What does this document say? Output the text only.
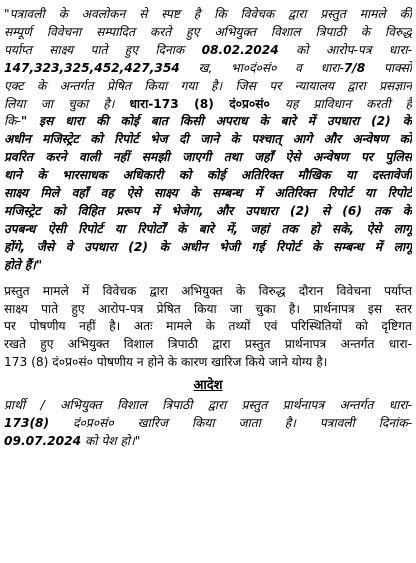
"पत्रावली के अवलोकन से स्पष्ट है कि विवेचक द्वारा प्रस्तुत मामले की
सम्पूर्ण विवेचना सम्पादित करते हुए अभियुक्त विशाल त्रिपाठी के विरुद्ध
पर्याप्त साक्ष्य पाते हुए दिनाक 08.02.2024 को आरोप-पत्र धारा-
147,323,325,452,427,354 ख, भा०दं०सं० व धारा-7/8 पाक्सो
एक्ट के अन्तर्गत प्रेषित किया गया है। जिस पर न्यायालय द्वारा प्रसज्ञान
लिया जा चुका है। धारा-173 (8) दं०प्र०सं० यह प्राविधान करती है
कि-" इस धारा की कोई बात किसी अपराध के बारे में उपधारा (2) के
अधीन मजिस्ट्रेट को रिपोर्ट भेज दी जाने के पश्चात् आगे और अन्वेषण को
प्रवरित करने वाली नहीं समझी जाएगी तथा जहाँ ऐसे अन्वेषण पर पुलिस
थाने के भारसाधक अधिकारी को कोई अतिरिक्त मौखिक या दस्तावेजी
साक्ष्य मिले वहाँ वह ऐसे साक्ष्य के सम्बन्ध में अतिरिक्त रिपोर्ट या रिपोर्ट
मजिस्ट्रेट को विहित प्ररूप में भेजेगा, और उपधारा (2) से (6) तक के
उपबन्ध ऐसी रिपोर्ट या रिपोर्टों के बारे में, जहां तक हो सके, ऐसे लागू
होंगे, जैसे वे उपधारा (2) के अधीन भेजी गई रिपोर्ट के सम्बन्ध में लागू
होते हैं।"
प्रस्तुत मामले में विवेचक द्वारा अभियुक्त के विरुद्ध दौरान विवेचना पर्याप्त
साक्ष्य पाते हुए आरोप-पत्र प्रेषित किया जा चुका है। प्रार्थनापत्र इस स्तर
पर पोषणीय नहीं है। अतः मामले के तथ्यों एवं परिस्थितियों को दृष्टिगत
रखते हुए अभियुक्त विशाल त्रिपाठी द्वारा प्रस्तुत प्रार्थनापत्र अन्तर्गत धारा-
173 (8) दं०प्र०सं० पोषणीय न होने के कारण खारिज किये जाने योग्य है।
आदेश
प्रार्थी / अभियुक्त विशाल त्रिपाठी द्वारा प्रस्तुत प्रार्थनापत्र अन्तर्गत धारा-
173(8) दं०प्र०सं० खारिज किया जाता है। पत्रावली दिनांक-
09.07.2024 को पेश हो।"
